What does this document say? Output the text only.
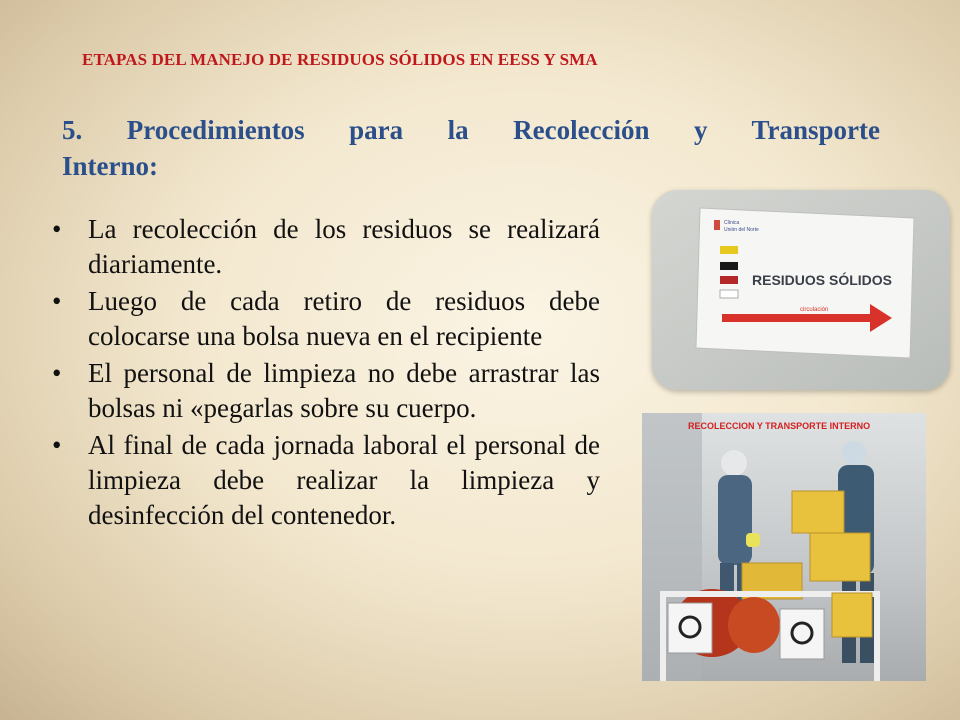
ETAPAS DEL MANEJO DE RESIDUOS SÓLIDOS EN EESS Y SMA
5. Procedimientos para la Recolección y Transporte
Interno:
• La recolección de los residuos se realizará diariamente.
• Luego de cada retiro de residuos debe colocarse una bolsa nueva en el recipiente
• El personal de limpieza no debe arrastrar las bolsas ni «pegarlas sobre su cuerpo.
• Al final de cada jornada laboral el personal de limpieza debe realizar la limpieza y desinfección del contenedor.
Clínica
Unión del Norte
RESIDUOS SÓLIDOS
circulación
RECOLECCION Y TRANSPORTE INTERNO
